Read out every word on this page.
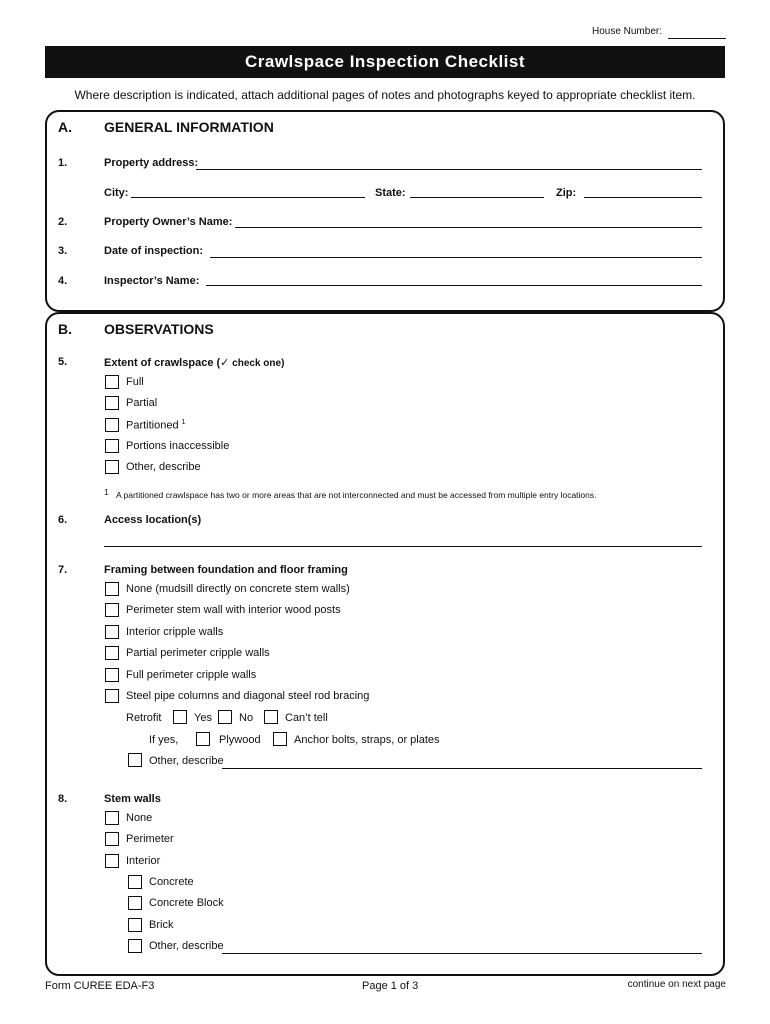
House Number:
Crawlspace Inspection Checklist
Where description is indicated, attach additional pages of notes and photographs keyed to appropriate checklist item.
A. GENERAL INFORMATION
1.	Property address:
City:	State:	Zip:
2.	Property Owner’s Name:
3.	Date of inspection:
4.	Inspector’s Name:
B. OBSERVATIONS
5.	Extent of crawlspace (✓ check one)
Full
Partial
Partitioned $^1$
Portions inaccessible
Other, describe
1 A partitioned crawlspace has two or more areas that are not interconnected and must be accessed from multiple entry locations.
6.	Access location(s)
7.	Framing between foundation and floor framing
None (mudsill directly on concrete stem walls)
Perimeter stem wall with interior wood posts
Interior cripple walls
Partial perimeter cripple walls
Full perimeter cripple walls
Steel pipe columns and diagonal steel rod bracing
Retrofit	Yes No	Can’t tell
If yes,	Plywood	Anchor bolts, straps, or plates
Other, describe
8.	Stem walls
None
Perimeter
Interior
Concrete
Concrete Block
Brick
Other, describe
Form CUREE EDA-F3	Page 1 of 3	continue on next page
